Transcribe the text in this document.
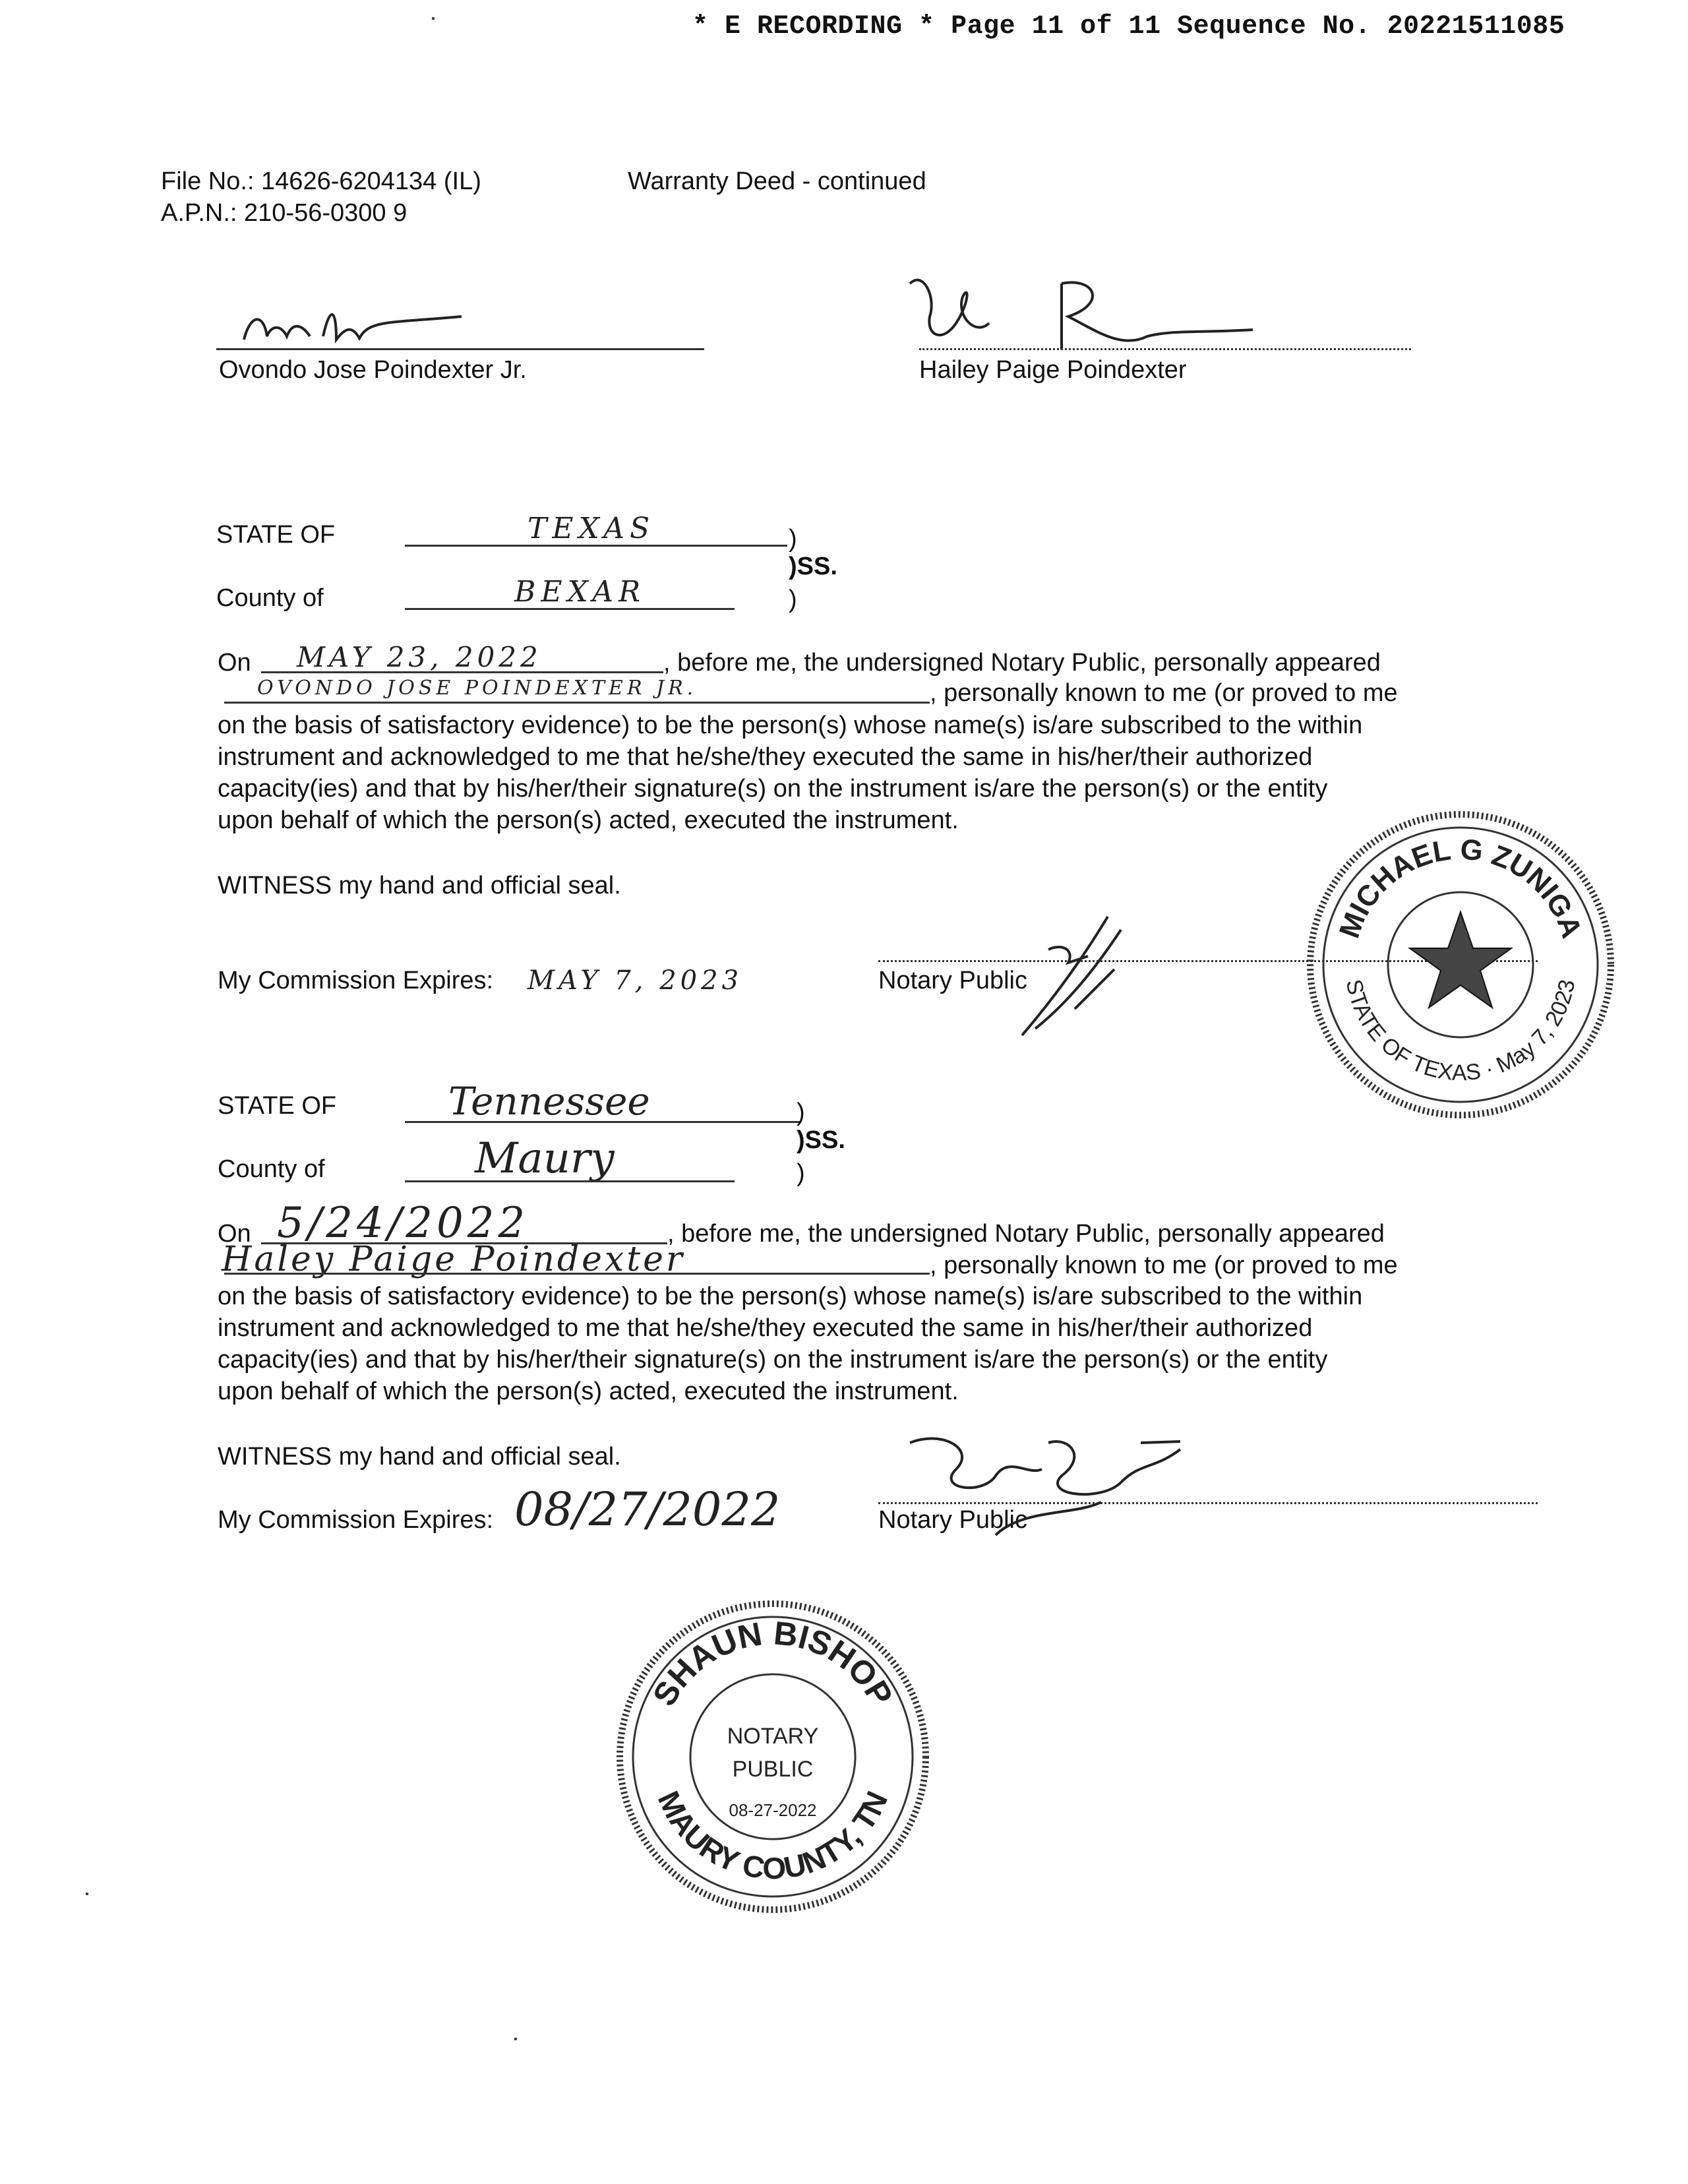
* E RECORDING * Page 11 of 11 Sequence No. 20221511085
File No.: 14626-6204134 (IL)
A.P.N.: 210-56-0300 9
Warranty Deed - continued
Ovondo Jose Poindexter Jr.	Hailey Paige Poindexter
STATE OF	TEXAS	)
)SS.
County of	BEXAR	)
On MAY 23, 2022	, before me, the undersigned Notary Public, personally appeared
OVONDO JOSE POINDEXTER JR.	, personally known to me (or proved to me

on the basis of satisfactory evidence) to be the person(s) whose name(s) is/are subscribed to the within

instrument and acknowledged to me that he/she/they executed the same in his/her/their authorized

capacity(ies) and that by his/her/their signature(s) on the instrument is/are the person(s) or the entity

upon behalf of which the person(s) acted, executed the instrument.

WITNESS my hand and official seal.
My Commission Expires: MAY 7, 2023	Notary Public
MICHAEL G ZUNIGA
STATE OF TEXAS · May 7, 2023
STATE OF	Tennessee	)
)SS.
County of	Maury	)
On 5/24/2022	, before me, the undersigned Notary Public, personally appeared
Haley Paige Poindexter	, personally known to me (or proved to me

on the basis of satisfactory evidence) to be the person(s) whose name(s) is/are subscribed to the within

instrument and acknowledged to me that he/she/they executed the same in his/her/their authorized

capacity(ies) and that by his/her/their signature(s) on the instrument is/are the person(s) or the entity

upon behalf of which the person(s) acted, executed the instrument.

WITNESS my hand and official seal.
My Commission Expires: 08/27/2022	Notary Public
SHAUN BISHOP
MAURY COUNTY, TN
NOTARY
PUBLIC
08-27-2022
